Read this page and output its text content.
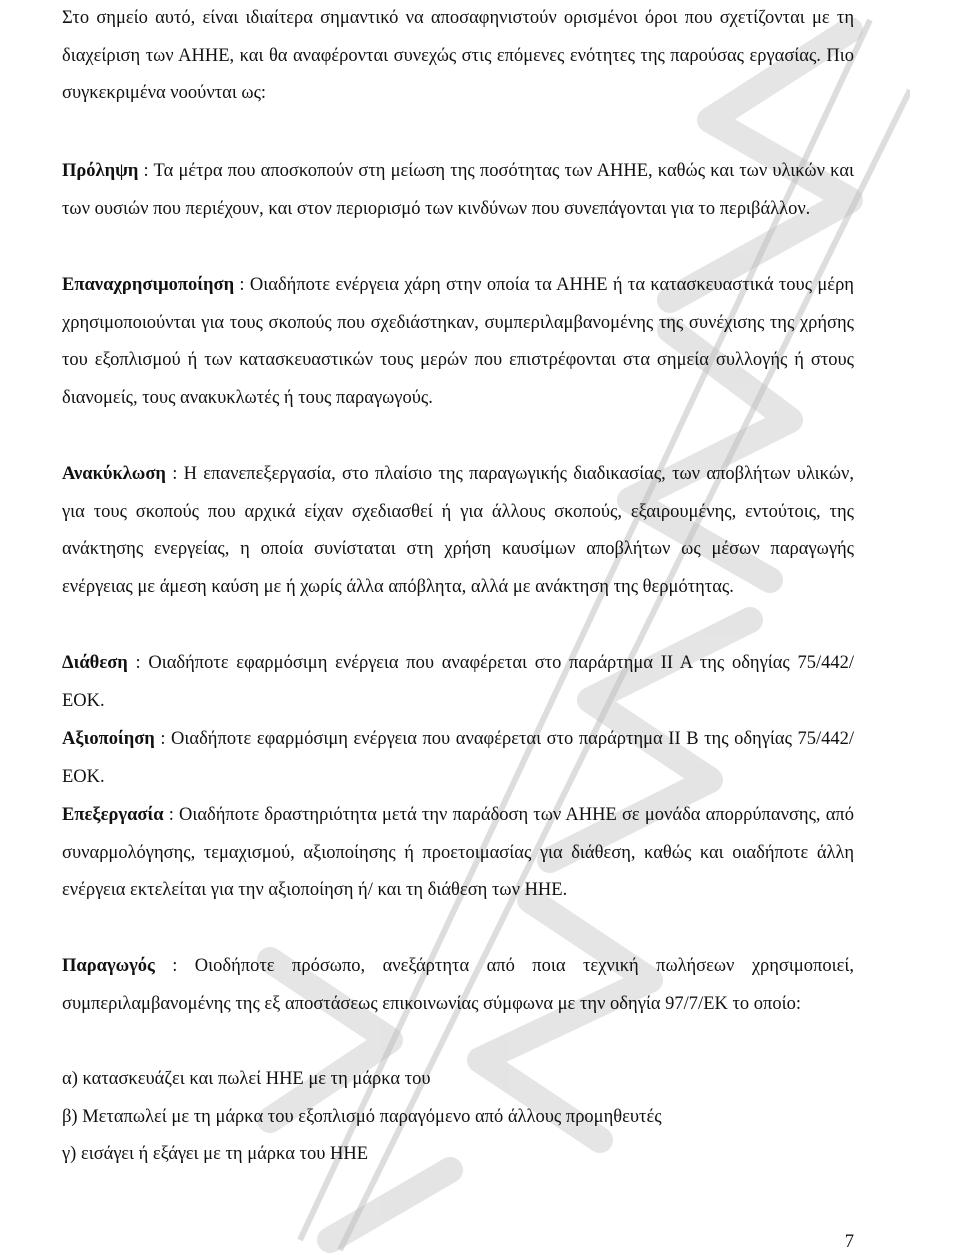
Στο σημείο αυτό, είναι ιδιαίτερα σημαντικό να αποσαφηνιστούν ορισμένοι όροι που σχετίζονται με τη διαχείριση των ΑΗΗΕ, και θα αναφέρονται συνεχώς στις επόμενες ενότητες της παρούσας εργασίας. Πιο συγκεκριμένα νοούνται ως:

Πρόληψη : Τα μέτρα που αποσκοπούν στη μείωση της ποσότητας των ΑΗΗΕ, καθώς και των υλικών και των ουσιών που περιέχουν, και στον περιορισμό των κινδύνων που συνεπάγονται για το περιβάλλον.

Επαναχρησιμοποίηση : Οιαδήποτε ενέργεια χάρη στην οποία τα ΑΗΗΕ ή τα κατασκευαστικά τους μέρη χρησιμοποιούνται για τους σκοπούς που σχεδιάστηκαν, συμπεριλαμβανομένης της συνέχισης της χρήσης του εξοπλισμού ή των κατασκευαστικών τους μερών που επιστρέφονται στα σημεία συλλογής ή στους διανομείς, τους ανακυκλωτές ή τους παραγωγούς.

Ανακύκλωση : Η επανεπεξεργασία, στο πλαίσιο της παραγωγικής διαδικασίας, των αποβλήτων υλικών, για τους σκοπούς που αρχικά είχαν σχεδιασθεί ή για άλλους σκοπούς, εξαιρουμένης, εντούτοις, της ανάκτησης ενεργείας, η οποία συνίσταται στη χρήση καυσίμων αποβλήτων ως μέσων παραγωγής ενέργειας με άμεση καύση με ή χωρίς άλλα απόβλητα, αλλά με ανάκτηση της θερμότητας.

Διάθεση : Οιαδήποτε εφαρμόσιμη ενέργεια που αναφέρεται στο παράρτημα ΙΙ Α της οδηγίας 75/442/ΕΟΚ.

Αξιοποίηση : Οιαδήποτε εφαρμόσιμη ενέργεια που αναφέρεται στο παράρτημα ΙΙ Β της οδηγίας 75/442/ΕΟΚ.

Επεξεργασία : Οιαδήποτε δραστηριότητα μετά την παράδοση των ΑΗΗΕ σε μονάδα απορρύπανσης, από συναρμολόγησης, τεμαχισμού, αξιοποίησης ή προετοιμασίας για διάθεση, καθώς και οιαδήποτε άλλη ενέργεια εκτελείται για την αξιοποίηση ή/ και τη διάθεση των ΗΗΕ.

Παραγωγός : Οιοδήποτε πρόσωπο, ανεξάρτητα από ποια τεχνική πωλήσεων χρησιμοποιεί, συμπεριλαμβανομένης της εξ αποστάσεως επικοινωνίας σύμφωνα με την οδηγία 97/7/ΕΚ το οποίο:

α) κατασκευάζει και πωλεί ΗΗΕ με τη μάρκα του

β) Μεταπωλεί με τη μάρκα του εξοπλισμό παραγόμενο από άλλους προμηθευτές

γ) εισάγει ή εξάγει με τη μάρκα του ΗΗΕ

7
